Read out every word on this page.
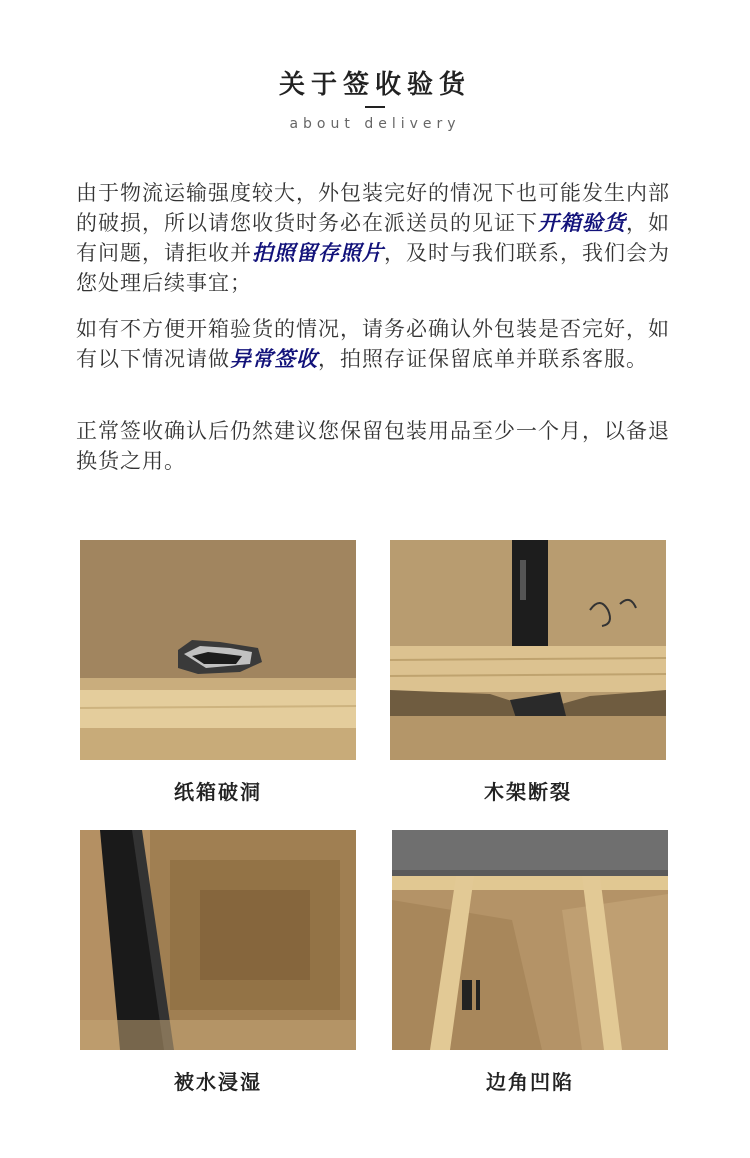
关于签收验货
about delivery

由于物流运输强度较大，外包装完好的情况下也可能发生内部的破损，所以请您收货时务必在派送员的见证下开箱验货，如有问题，请拒收并拍照留存照片，及时与我们联系，我们会为您处理后续事宜；

如有不方便开箱验货的情况，请务必确认外包装是否完好，如有以下情况请做异常签收，拍照存证保留底单并联系客服。

正常签收确认后仍然建议您保留包装用品至少一个月，以备退换货之用。

纸箱破洞	木架断裂
被水浸湿	边角凹陷
